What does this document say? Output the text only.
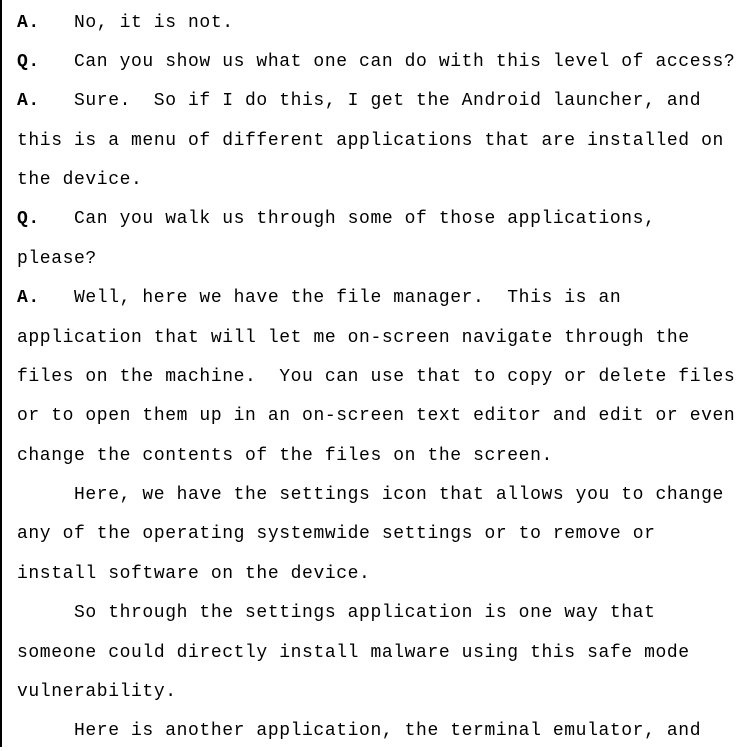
A. No, it is not.
Q. Can you show us what one can do with this level of access?
A. Sure.  So if I do this, I get the Android launcher, and
this is a menu of different applications that are installed on
the device.
Q. Can you walk us through some of those applications,
please?
A. Well, here we have the file manager.  This is an
application that will let me on-screen navigate through the
files on the machine.  You can use that to copy or delete files
or to open them up in an on-screen text editor and edit or even
change the contents of the files on the screen.
Here, we have the settings icon that allows you to change
any of the operating systemwide settings or to remove or
install software on the device.
So through the settings application is one way that
someone could directly install malware using this safe mode
vulnerability.
Here is another application, the terminal emulator, and
